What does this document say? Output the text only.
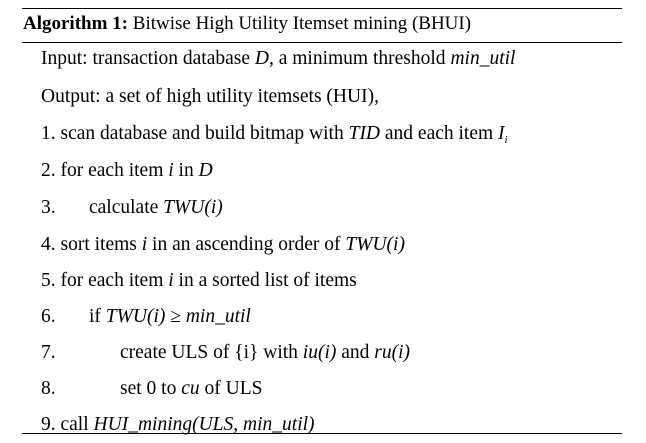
Algorithm 1: Bitwise High Utility Itemset mining (BHUI)
Input: transaction database D, a minimum threshold min_util
Output: a set of high utility itemsets (HUI),
1. scan database and build bitmap with TID and each item $I_i$
2. for each item i in D
3. calculate TWU(i)
4. sort items i in an ascending order of TWU(i)
5. for each item i in a sorted list of items
6. if TWU(i) ≥ min_util
7.	create ULS of {i} with iu(i) and ru(i)
8.	set 0 to cu of ULS
9. call HUI_mining(ULS, min_util)
